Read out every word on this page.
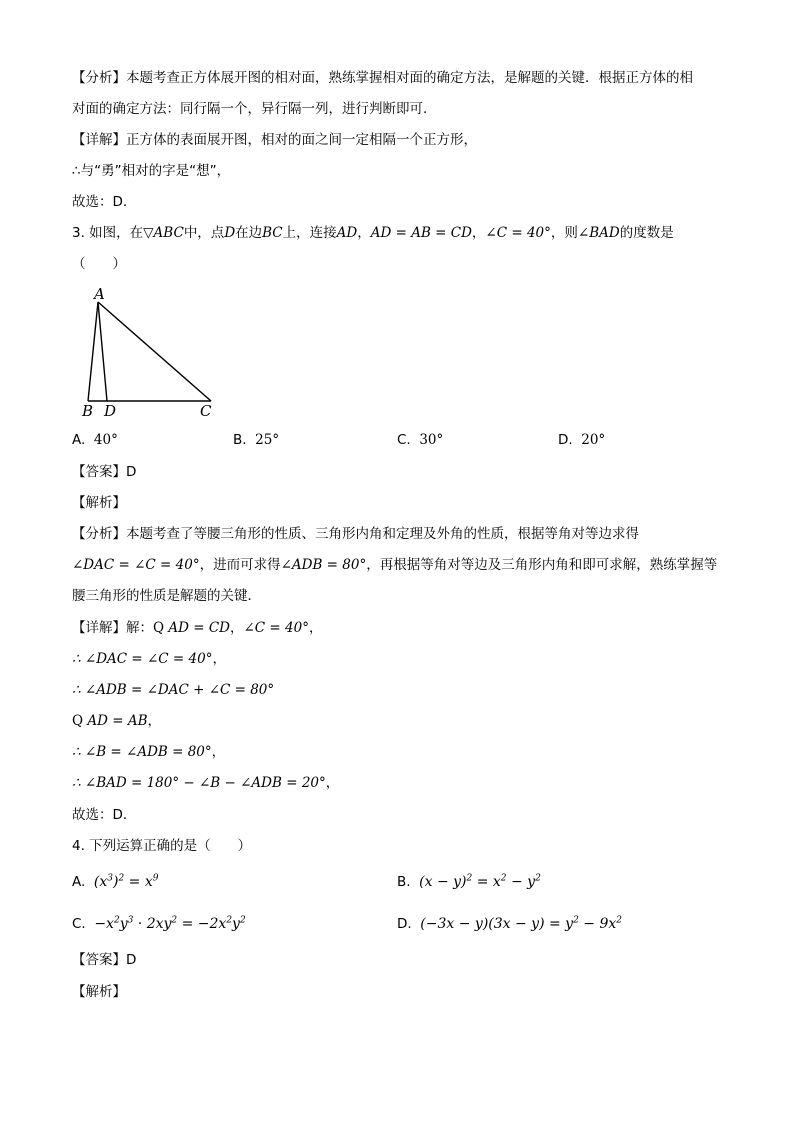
【分析】本题考查正方体展开图的相对面，熟练掌握相对面的确定方法，是解题的关键．根据正方体的相
对面的确定方法：同行隔一个，异行隔一列，进行判断即可．
【详解】正方体的表面展开图，相对的面之间一定相隔一个正方形，
∴与“勇”相对的字是“想”，
故选：D．
3. 如图，在▽ABC中，点D在边BC上，连接AD，AD = AB = CD，∠C = 40°，则∠BAD的度数是
（　　）
A
B D	C
A. 40°	B. 25°	C. 30°	D. 20°
【答案】D
【解析】
【分析】本题考查了等腰三角形的性质、三角形内角和定理及外角的性质，根据等角对等边求得
∠DAC = ∠C = 40°，进而可求得∠ADB = 80°，再根据等角对等边及三角形内角和即可求解，熟练掌握等
腰三角形的性质是解题的关键．
【详解】解：Q AD = CD，∠C = 40°，
∴ ∠DAC = ∠C = 40°，
∴ ∠ADB = ∠DAC + ∠C = 80°
Q AD = AB，
∴ ∠B = ∠ADB = 80°，
∴ ∠BAD = 180° − ∠B − ∠ADB = 20°，
故选：D．
4. 下列运算正确的是（　　）
A. $(x^3)^2 = x^9$	B. $(x - y)^2 = x^2 - y^2$
C. $-x^2y^3 \cdot 2xy^2 = -2x^2y^2$	D. $(-3x - y)(3x - y) = y^2 - 9x^2$
【答案】D
【解析】
